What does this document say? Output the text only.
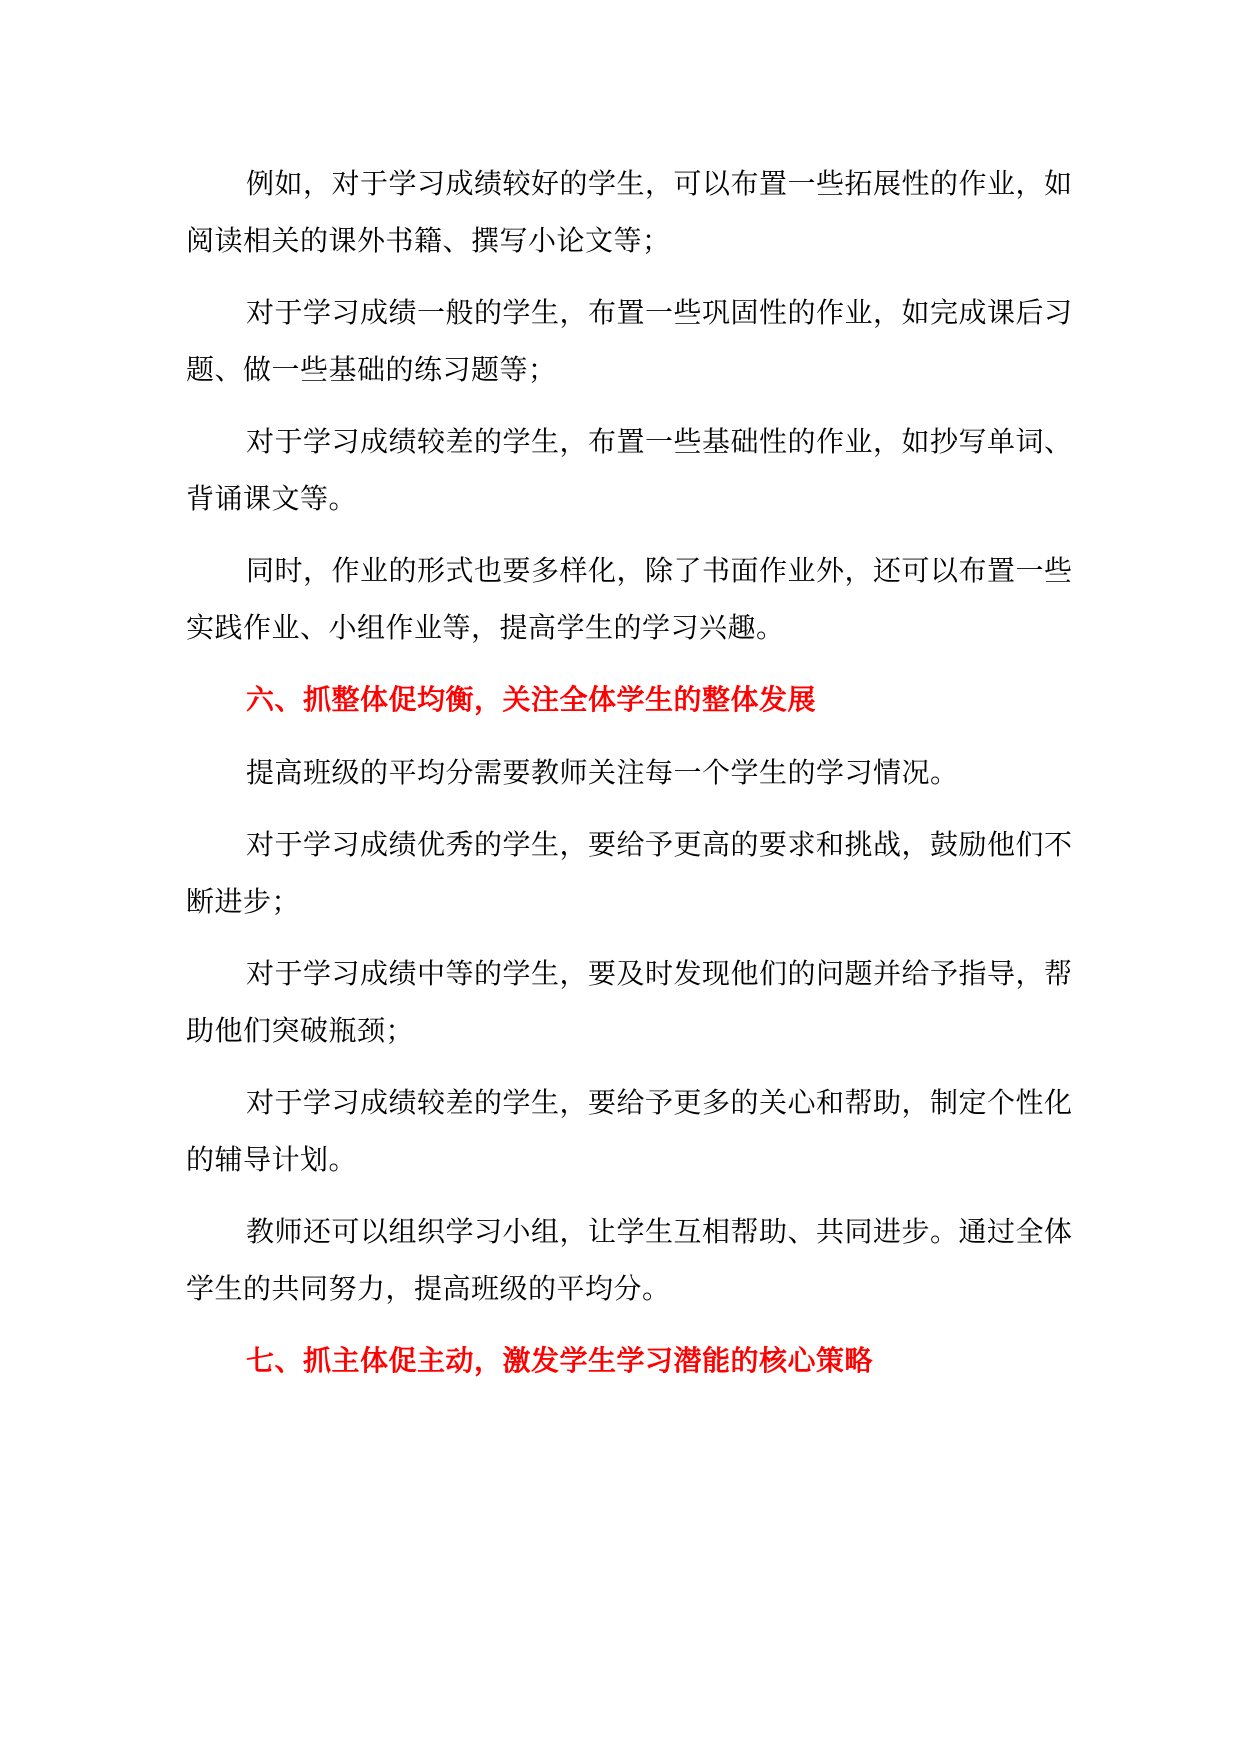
例如，对于学习成绩较好的学生，可以布置一些拓展性的作业，如阅读相关的课外书籍、撰写小论文等；

对于学习成绩一般的学生，布置一些巩固性的作业，如完成课后习题、做一些基础的练习题等；

对于学习成绩较差的学生，布置一些基础性的作业，如抄写单词、背诵课文等。

同时，作业的形式也要多样化，除了书面作业外，还可以布置一些实践作业、小组作业等，提高学生的学习兴趣。

六、抓整体促均衡，关注全体学生的整体发展

提高班级的平均分需要教师关注每一个学生的学习情况。

对于学习成绩优秀的学生，要给予更高的要求和挑战，鼓励他们不断进步；

对于学习成绩中等的学生，要及时发现他们的问题并给予指导，帮助他们突破瓶颈；

对于学习成绩较差的学生，要给予更多的关心和帮助，制定个性化的辅导计划。

教师还可以组织学习小组，让学生互相帮助、共同进步。通过全体学生的共同努力，提高班级的平均分。

七、抓主体促主动，激发学生学习潜能的核心策略
